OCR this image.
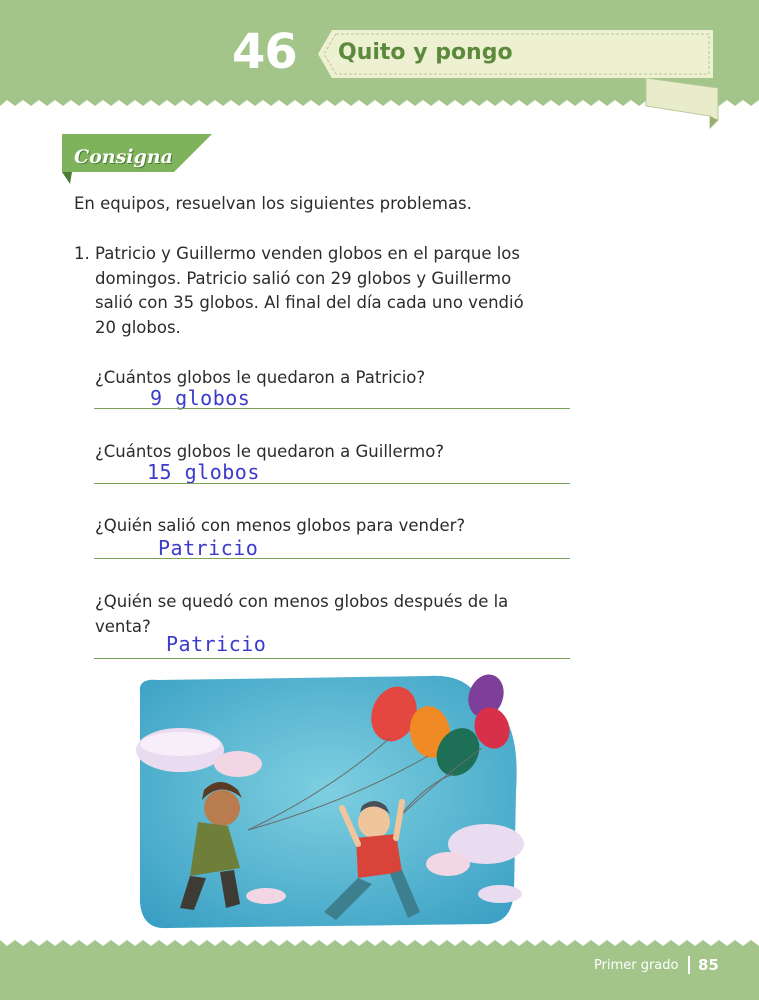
46 Quito y pongo
Consigna
En equipos, resuelvan los siguientes problemas.
1. Patricio y Guillermo venden globos en el parque los
domingos. Patricio salió con 29 globos y Guillermo
salió con 35 globos. Al final del día cada uno vendió
20 globos.
¿Cuántos globos le quedaron a Patricio?
9 globos
¿Cuántos globos le quedaron a Guillermo?
15 globos
¿Quién salió con menos globos para vender?
Patricio
¿Quién se quedó con menos globos después de la
venta?
Patricio
Primer grado 85
